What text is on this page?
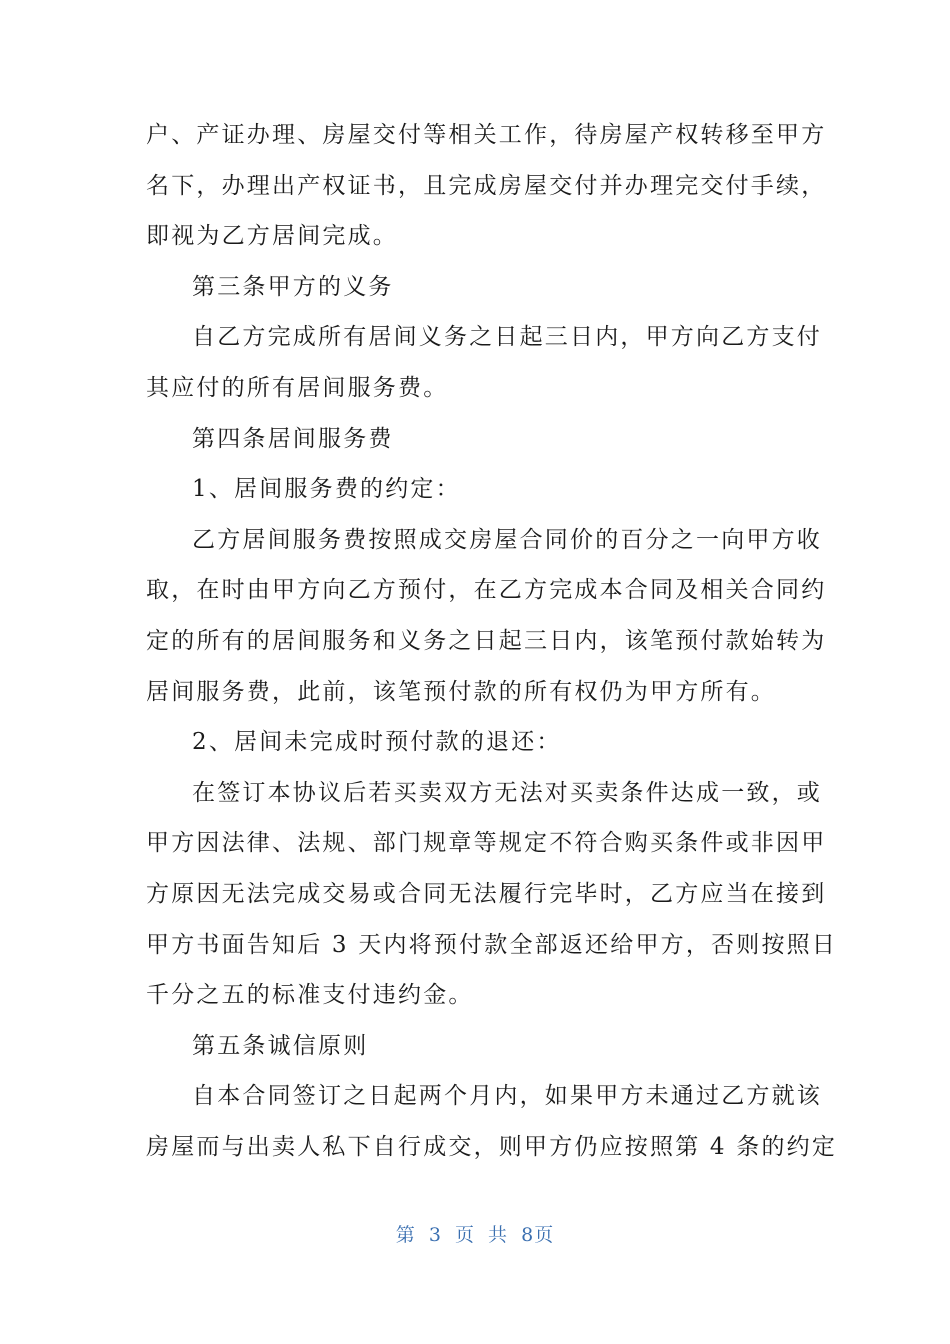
户、产证办理、房屋交付等相关工作，待房屋产权转移至甲方
名下，办理出产权证书，且完成房屋交付并办理完交付手续，
即视为乙方居间完成。
第三条甲方的义务
自乙方完成所有居间义务之日起三日内，甲方向乙方支付
其应付的所有居间服务费。
第四条居间服务费
1、居间服务费的约定：
乙方居间服务费按照成交房屋合同价的百分之一向甲方收
取，在时由甲方向乙方预付，在乙方完成本合同及相关合同约
定的所有的居间服务和义务之日起三日内，该笔预付款始转为
居间服务费，此前，该笔预付款的所有权仍为甲方所有。
2、居间未完成时预付款的退还：
在签订本协议后若买卖双方无法对买卖条件达成一致，或
甲方因法律、法规、部门规章等规定不符合购买条件或非因甲
方原因无法完成交易或合同无法履行完毕时，乙方应当在接到
甲方书面告知后 3 天内将预付款全部返还给甲方，否则按照日
千分之五的标准支付违约金。
第五条诚信原则
自本合同签订之日起两个月内，如果甲方未通过乙方就该
房屋而与出卖人私下自行成交，则甲方仍应按照第 4 条的约定
第 3 页 共 8页
